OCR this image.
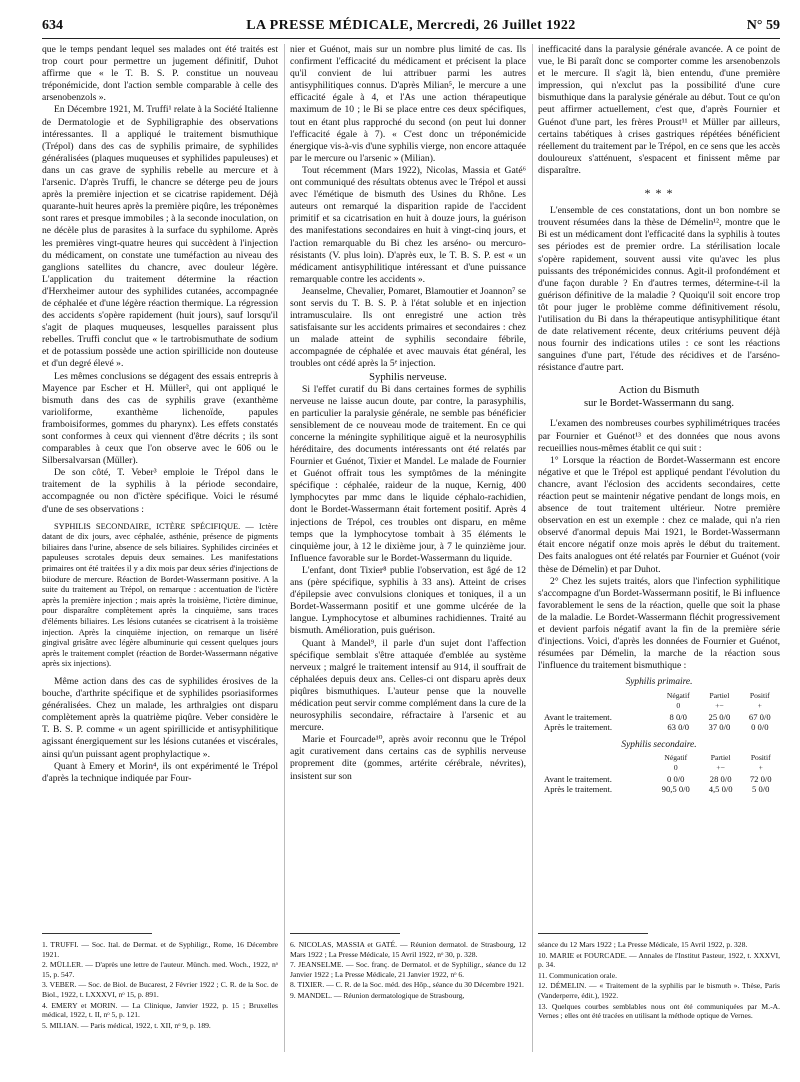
634	LA PRESSE MÉDICALE, Mercredi, 26 Juillet 1922	N° 59

que le temps pendant lequel ses malades ont été traités est trop court pour permettre un jugement définitif, Duhot affirme que « le T. B. S. P. constitue un nouveau tréponémicide, dont l'action semble comparable à celle des arsenobenzols ».

En Décembre 1921, M. Truffi¹ relate à la Société Italienne de Dermatologie et de Syphiligraphie des observations intéressantes. Il a appliqué le traitement bismuthique (Trépol) dans des cas de syphilis primaire, de syphilides généralisées (plaques muqueuses et syphilides papuleuses) et dans un cas grave de syphilis rebelle au mercure et à l'arsenic. D'après Truffi, le chancre se déterge peu de jours après la première injection et se cicatrise rapidement. Déjà quarante-huit heures après la première piqûre, les tréponèmes sont rares et presque immobiles ; à la seconde inoculation, on ne décèle plus de parasites à la surface du syphilome. Après les premières vingt-quatre heures qui succèdent à l'injection du médicament, on constate une tuméfaction au niveau des ganglions satellites du chancre, avec douleur légère. L'application du traitement détermine la réaction d'Herxheimer autour des syphilides cutanées, accompagnée de céphalée et d'une légère réaction thermique. La régression des accidents s'opère rapidement (huit jours), sauf lorsqu'il s'agit de plaques muqueuses, lesquelles paraissent plus rebelles. Truffi conclut que « le tartrobismuthate de sodium et de potassium possède une action spirillicide non douteuse et d'un degré élevé ».

Les mêmes conclusions se dégagent des essais entrepris à Mayence par Escher et H. Müller², qui ont appliqué le bismuth dans des cas de syphilis grave (exanthème varioliforme, exanthème lichenoïde, papules framboisiformes, gommes du pharynx). Les effets constatés sont conformes à ceux qui viennent d'être décrits ; ils sont comparables à ceux que l'on observe avec le 606 ou le Silbersalvarsan (Müller).

De son côté, T. Veber³ emploie le Trépol dans le traitement de la syphilis à la période secondaire, accompagnée ou non d'ictère spécifique. Voici le résumé d'une de ses observations :

SYPHILIS SECONDAIRE, ICTÈRE SPÉCIFIQUE. — Ictère datant de dix jours, avec céphalée, asthénie, présence de pigments biliaires dans l'urine, absence de sels biliaires. Syphilides circinées et papuleuses scrotales depuis deux semaines. Les manifestations primaires ont été traitées il y a dix mois par deux séries d'injections de biiodure de mercure. Réaction de Bordet-Wassermann positive. A la suite du traitement au Trépol, on remarque : accentuation de l'ictère après la première injection ; mais après la troisième, l'ictère diminue, pour disparaître complètement après la cinquième, sans traces d'éléments biliaires. Les lésions cutanées se cicatrisent à la troisième injection. Après la cinquième injection, on remarque un liséré gingival grisâtre avec légère albuminurie qui cessent quelques jours après le traitement complet (réaction de Bordet-Wassermann négative après six injections).

Même action dans des cas de syphilides érosives de la bouche, d'arthrite spécifique et de syphilides psoriasiformes généralisées. Chez un malade, les arthralgies ont disparu complètement après la quatrième piqûre. Veber considère le T. B. S. P. comme « un agent spirillicide et antisyphilitique agissant énergiquement sur les lésions cutanées et viscérales, ainsi qu'un puissant agent prophylactique ».

Quant à Emery et Morin⁴, ils ont expérimenté le Trépol d'après la technique indiquée par Four-

nier et Guénot, mais sur un nombre plus limité de cas. Ils confirment l'efficacité du médicament et précisent la place qu'il convient de lui attribuer parmi les autres antisyphilitiques connus. D'après Milian⁵, le mercure a une efficacité égale à 4, et l'As une action thérapeutique maximum de 10 ; le Bi se place entre ces deux spécifiques, tout en étant plus rapproché du second (on peut lui donner l'efficacité égale à 7). « C'est donc un tréponémicide énergique vis-à-vis d'une syphilis vierge, non encore attaquée par le mercure ou l'arsenic » (Milian).

Tout récemment (Mars 1922), Nicolas, Massia et Gaté⁶ ont communiqué des résultats obtenus avec le Trépol et aussi avec l'émétique de bismuth des Usines du Rhône. Les auteurs ont remarqué la disparition rapide de l'accident primitif et sa cicatrisation en huit à douze jours, la guérison des manifestations secondaires en huit à vingt-cinq jours, et l'action remarquable du Bi chez les arséno- ou mercuro- résistants (V. plus loin). D'après eux, le T. B. S. P. est « un médicament antisyphilitique intéressant et d'une puissance remarquable contre les accidents ».

Jeanselme, Chevalier, Pomaret, Blamoutier et Joannon⁷ se sont servis du T. B. S. P. à l'état soluble et en injection intramusculaire. Ils ont enregistré une action très satisfaisante sur les accidents primaires et secondaires : chez un malade atteint de syphilis secondaire fébrile, accompagnée de céphalée et avec mauvais état général, les troubles ont cédé après la 5ᵉ injection.

Syphilis nerveuse.

Si l'effet curatif du Bi dans certaines formes de syphilis nerveuse ne laisse aucun doute, par contre, la parasyphilis, en particulier la paralysie générale, ne semble pas bénéficier sensiblement de ce nouveau mode de traitement. En ce qui concerne la méningite syphilitique aiguë et la neurosyphilis héréditaire, des documents intéressants ont été relatés par Fournier et Guénot, Tixier et Mandel. Le malade de Fournier et Guénot offrait tous les symptômes de la méningite spécifique : céphalée, raideur de la nuque, Kernig, 400 lymphocytes par mmc dans le liquide céphalo-rachidien, dont le Bordet-Wassermann était fortement positif. Après 4 injections de Trépol, ces troubles ont disparu, en même temps que la lymphocytose tombait à 35 éléments le cinquième jour, à 12 le dixième jour, à 7 le quinzième jour. Influence favorable sur le Bordet-Wassermann du liquide.

L'enfant, dont Tixier⁸ publie l'observation, est âgé de 12 ans (père spécifique, syphilis à 33 ans). Atteint de crises d'épilepsie avec convulsions cloniques et toniques, il a un Bordet-Wassermann positif et une gomme ulcérée de la langue. Lymphocytose et albumines rachidiennes. Traité au bismuth. Amélioration, puis guérison.

Quant à Mandel⁹, il parle d'un sujet dont l'affection spécifique semblait s'être attaquée d'emblée au système nerveux ; malgré le traitement intensif au 914, il souffrait de céphalées depuis deux ans. Celles-ci ont disparu après deux piqûres bismuthiques. L'auteur pense que la nouvelle médication peut servir comme complément dans la cure de la neurosyphilis secondaire, réfractaire à l'arsenic et au mercure.

Marie et Fourcade¹⁰, après avoir reconnu que le Trépol agit curativement dans certains cas de syphilis nerveuse proprement dite (gommes, artérite cérébrale, névrites), insistent sur son

inefficacité dans la paralysie générale avancée. A ce point de vue, le Bi paraît donc se comporter comme les arsenobenzols et le mercure. Il s'agit là, bien entendu, d'une première impression, qui n'exclut pas la possibilité d'une cure bismuthique dans la paralysie générale au début. Tout ce qu'on peut affirmer actuellement, c'est que, d'après Fournier et Guénot d'une part, les frères Proust¹¹ et Müller par ailleurs, certains tabétiques à crises gastriques répétées bénéficient réellement du traitement par le Trépol, en ce sens que les accès douloureux s'atténuent, s'espacent et finissent même par disparaître.

* * *

L'ensemble de ces constatations, dont un bon nombre se trouvent résumées dans la thèse de Démelin¹², montre que le Bi est un médicament dont l'efficacité dans la syphilis à toutes ses périodes est de premier ordre. La stérilisation locale s'opère rapidement, souvent aussi vite qu'avec les plus puissants des tréponémicides connus. Agit-il profondément et d'une façon durable ? En d'autres termes, détermine-t-il la guérison définitive de la maladie ? Quoiqu'il soit encore trop tôt pour juger le problème comme définitivement résolu, l'utilisation du Bi dans la thérapeutique antisyphilitique étant de date relativement récente, deux critériums peuvent déjà nous fournir des indications utiles : ce sont les réactions sanguines d'une part, l'étude des récidives et de l'arséno-résistance d'autre part.

Action du Bismuth
sur le Bordet-Wassermann du sang.

L'examen des nombreuses courbes syphilimétriques tracées par Fournier et Guénot¹³ et des données que nous avons recueillies nous-mêmes établit ce qui suit :

1° Lorsque la réaction de Bordet-Wassermann est encore négative et que le Trépol est appliqué pendant l'évolution du chancre, avant l'éclosion des accidents secondaires, cette réaction peut se maintenir négative pendant de longs mois, en absence de tout traitement ultérieur. Notre première observation en est un exemple : chez ce malade, qui n'a rien observé d'anormal depuis Mai 1921, le Bordet-Wassermann était encore négatif onze mois après le début du traitement. Des faits analogues ont été relatés par Fournier et Guénot (voir thèse de Démelin) et par Duhot.

2° Chez les sujets traités, alors que l'infection syphilitique s'accompagne d'un Bordet-Wassermann positif, le Bi influence favorablement le sens de la réaction, quelle que soit la phase de la maladie. Le Bordet-Wassermann fléchit progressivement et devient parfois négatif avant la fin de la première série d'injections. Voici, d'après les données de Fournier et Guénot, résumées par Démelin, la marche de la réaction sous l'influence du traitement bismuthique :

Syphilis primaire.
	Négatif	Partiel	Positif
	0	+−	+
Avant le traitement.	8 0/0	25 0/0	67 0/0
Après le traitement.	63 0/0	37 0/0	0 0/0
Syphilis secondaire.
	Négatif	Partiel	Positif
	0	+−	+
Avant le traitement.	0 0/0	28 0/0	72 0/0
Après le traitement.	90,5 0/0	4,5 0/0	5 0/0
1. TRUFFI. — Soc. Ital. de Dermat. et de Syphiligr., Rome, 16 Décembre 1921.
2. MÜLLER. — D'après une lettre de l'auteur. Münch. med. Woch., 1922, nᵒ 15, p. 547.
3. VEBER. — Soc. de Biol. de Bucarest, 2 Février 1922 ; C. R. de la Soc. de Biol., 1922, t. LXXXVI, nᵒ 15, p. 891.
4. EMERY et MORIN. — La Clinique, Janvier 1922, p. 15 ; Bruxelles médical, 1922, t. II, nᵒ 5, p. 121.
5. MILIAN. — Paris médical, 1922, t. XII, nᵒ 9, p. 189.
6. NICOLAS, MASSIA et GATÉ. — Réunion dermatol. de Strasbourg, 12 Mars 1922 ; La Presse Médicale, 15 Avril 1922, nᵒ 30, p. 328.
7. JEANSELME. — Soc. franç. de Dermatol. et de Syphiligr., séance du 12 Janvier 1922 ; La Presse Médicale, 21 Janvier 1922, nᵒ 6.
8. TIXIER. — C. R. de la Soc. méd. des Hôp., séance du 30 Décembre 1921.
9. MANDEL. — Réunion dermatologique de Strasbourg,
séance du 12 Mars 1922 ; La Presse Médicale, 15 Avril 1922, p. 328.
10. MARIE et FOURCADE. — Annales de l'Institut Pasteur, 1922, t. XXXVI, p. 34.
11. Communication orale.
12. DÉMELIN. — « Traitement de la syphilis par le bismuth ». Thèse, Paris (Vanderperre, édit.), 1922.
13. Quelques courbes semblables nous ont été communiquées par M.-A. Vernes ; elles ont été tracées en utilisant la méthode optique de Vernes.
